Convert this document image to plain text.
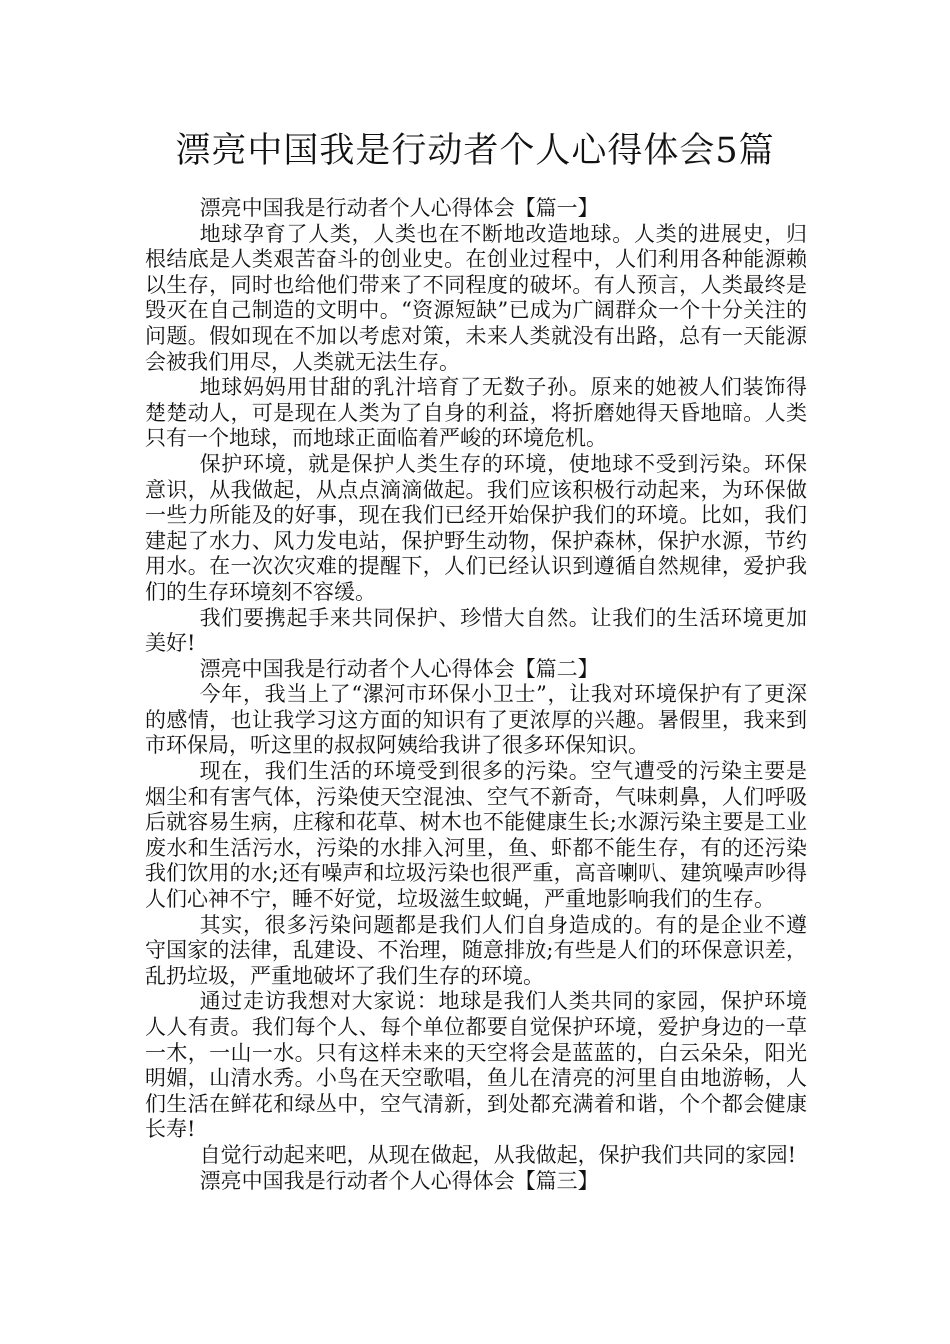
漂亮中国我是行动者个人心得体会5篇

漂亮中国我是行动者个人心得体会【篇一】

地球孕育了人类，人类也在不断地改造地球。人类的进展史，归根结底是人类艰苦奋斗的创业史。在创业过程中，人们利用各种能源赖以生存，同时也给他们带来了不同程度的破坏。有人预言，人类最终是毁灭在自己制造的文明中。“资源短缺”已成为广阔群众一个十分关注的问题。假如现在不加以考虑对策，未来人类就没有出路，总有一天能源会被我们用尽，人类就无法生存。

地球妈妈用甘甜的乳汁培育了无数子孙。原来的她被人们装饰得楚楚动人，可是现在人类为了自身的利益，将折磨她得天昏地暗。人类只有一个地球，而地球正面临着严峻的环境危机。

保护环境，就是保护人类生存的环境，使地球不受到污染。环保意识，从我做起，从点点滴滴做起。我们应该积极行动起来，为环保做一些力所能及的好事，现在我们已经开始保护我们的环境。比如，我们建起了水力、风力发电站，保护野生动物，保护森林，保护水源，节约用水。在一次次灾难的提醒下，人们已经认识到遵循自然规律，爱护我们的生存环境刻不容缓。

我们要携起手来共同保护、珍惜大自然。让我们的生活环境更加美好!

漂亮中国我是行动者个人心得体会【篇二】

今年，我当上了“漯河市环保小卫士”，让我对环境保护有了更深的感情，也让我学习这方面的知识有了更浓厚的兴趣。暑假里，我来到市环保局，听这里的叔叔阿姨给我讲了很多环保知识。

现在，我们生活的环境受到很多的污染。空气遭受的污染主要是烟尘和有害气体，污染使天空混浊、空气不新奇，气味刺鼻，人们呼吸后就容易生病，庄稼和花草、树木也不能健康生长;水源污染主要是工业废水和生活污水，污染的水排入河里，鱼、虾都不能生存，有的还污染我们饮用的水;还有噪声和垃圾污染也很严重，高音喇叭、建筑噪声吵得人们心神不宁，睡不好觉，垃圾滋生蚊蝇，严重地影响我们的生存。

其实，很多污染问题都是我们人们自身造成的。有的是企业不遵守国家的法律，乱建设、不治理，随意排放;有些是人们的环保意识差，乱扔垃圾，严重地破坏了我们生存的环境。

通过走访我想对大家说：地球是我们人类共同的家园，保护环境人人有责。我们每个人、每个单位都要自觉保护环境，爱护身边的一草一木，一山一水。只有这样未来的天空将会是蓝蓝的，白云朵朵，阳光明媚，山清水秀。小鸟在天空歌唱，鱼儿在清亮的河里自由地游畅，人们生活在鲜花和绿丛中，空气清新，到处都充满着和谐，个个都会健康长寿!

自觉行动起来吧，从现在做起，从我做起，保护我们共同的家园!

漂亮中国我是行动者个人心得体会【篇三】
